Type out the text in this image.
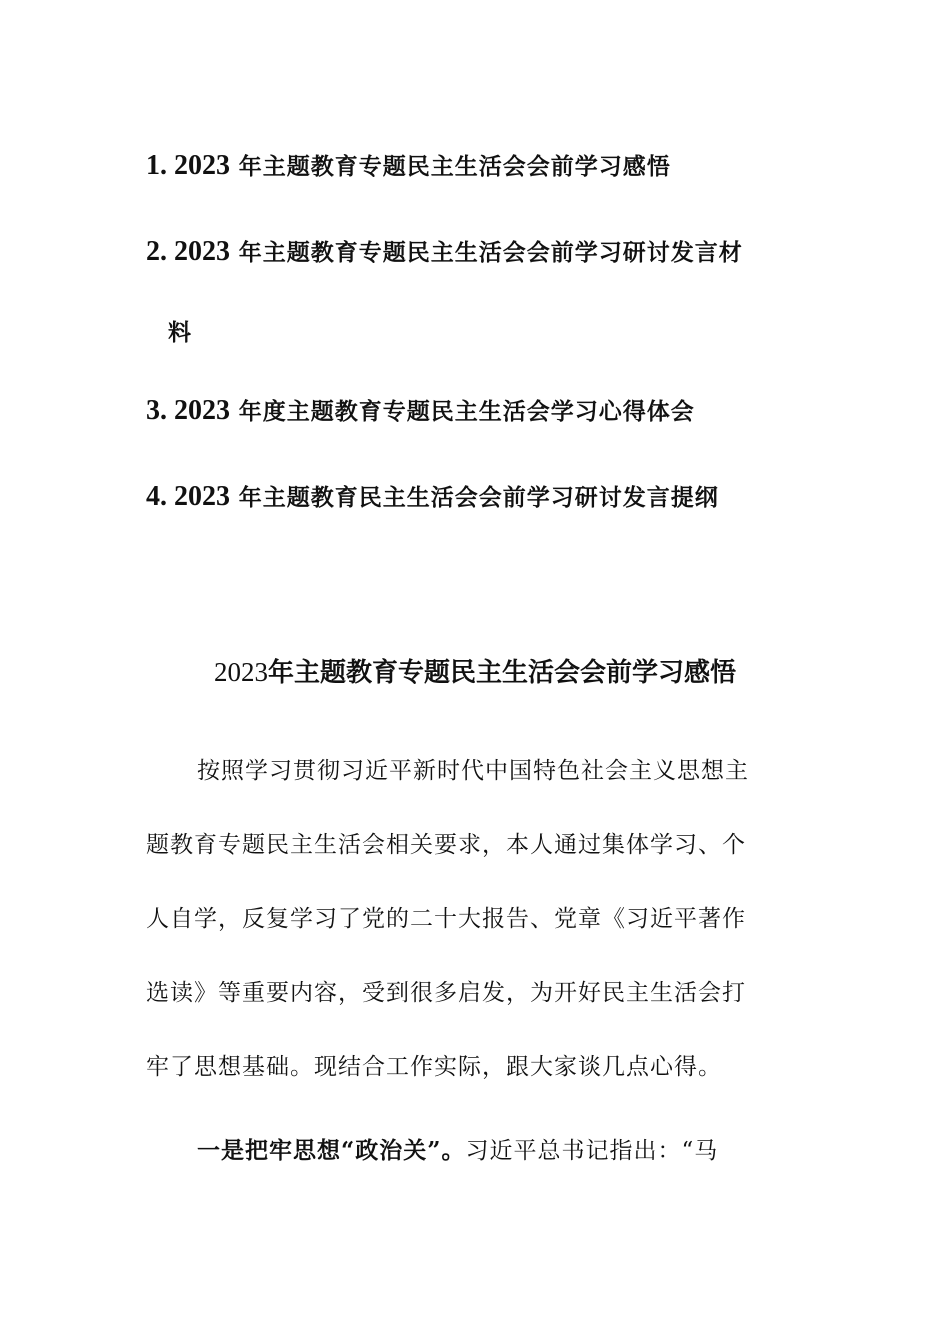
1. 2023 年主题教育专题民主生活会会前学习感悟
2. 2023 年主题教育专题民主生活会会前学习研讨发言材
料
3. 2023 年度主题教育专题民主生活会学习心得体会
4. 2023 年主题教育民主生活会会前学习研讨发言提纲
2023年主题教育专题民主生活会会前学习感悟
按照学习贯彻习近平新时代中国特色社会主义思想主
题教育专题民主生活会相关要求，本人通过集体学习、个
人自学，反复学习了党的二十大报告、党章《习近平著作
选读》等重要内容，受到很多启发，为开好民主生活会打
牢了思想基础。现结合工作实际，跟大家谈几点心得。
一是把牢思想“政治关”。习近平总书记指出：“马
